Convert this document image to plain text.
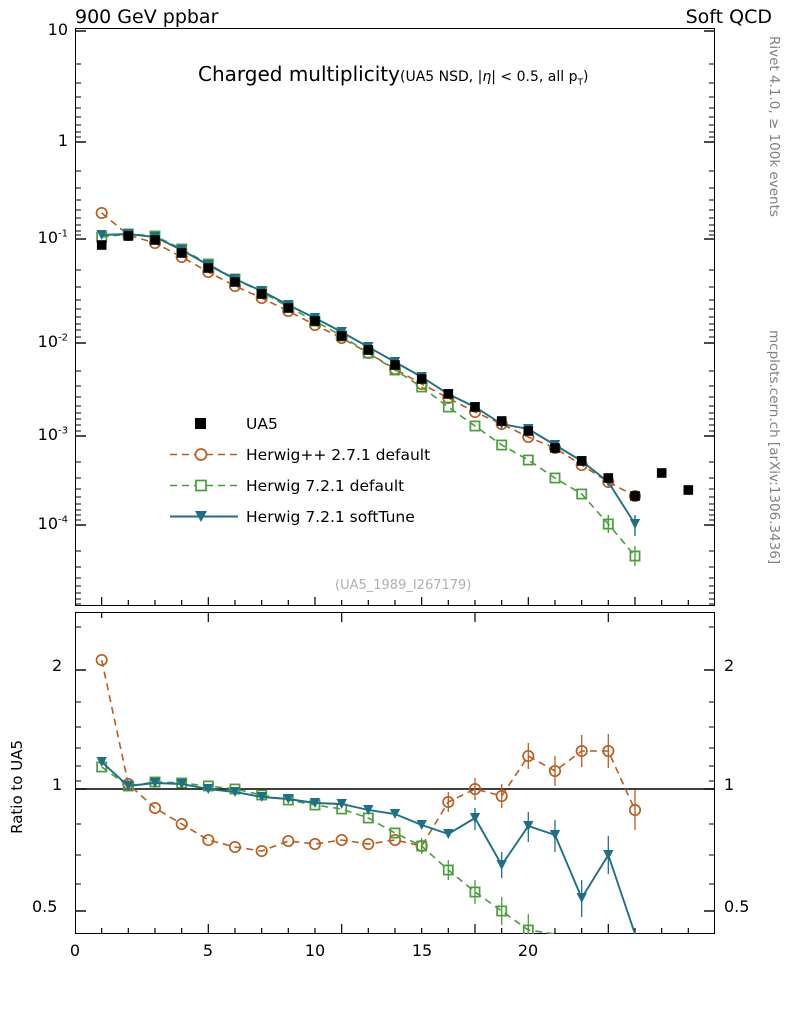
900 GeV ppbar	Soft QCD
Rivet 4.1.0, ≥ 100k events
mcplots.cern.ch [arXiv:1306.3436]
10
1
$10^{-1}$
$10^{-2}$
$10^{-3}$
$10^{-4}$
Charged multiplicity(UA5 NSD, |η| < 0.5, all $p_T$)
(UA5_1989_I267179)
UA5
Herwig++ 2.7.1 default
Herwig 7.2.1 default
Herwig 7.2.1 softTune
Ratio to UA5
2
1
0.5
2
1
0.5
0	5	10	15	20
